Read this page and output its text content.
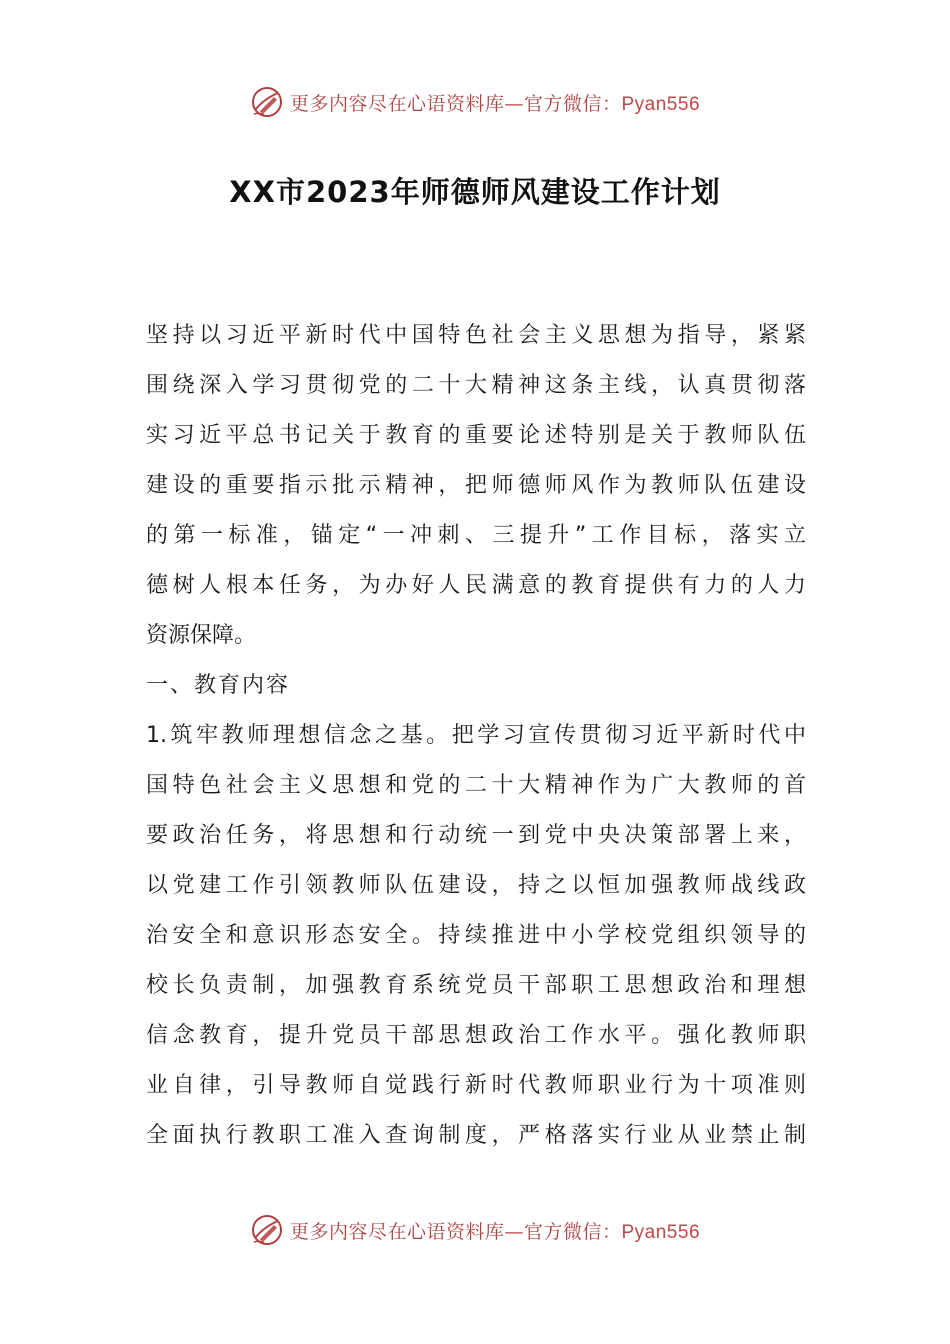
更多内容尽在心语资料库—官方微信：Pyan556
XX市2023年师德师风建设工作计划
坚持以习近平新时代中国特色社会主义思想为指导，紧紧
围绕深入学习贯彻党的二十大精神这条主线，认真贯彻落
实习近平总书记关于教育的重要论述特别是关于教师队伍
建设的重要指示批示精神，把师德师风作为教师队伍建设
的第一标准，锚定“一冲刺、三提升”工作目标，落实立
德树人根本任务，为办好人民满意的教育提供有力的人力
资源保障。
一、教育内容
1.筑牢教师理想信念之基。把学习宣传贯彻习近平新时代中
国特色社会主义思想和党的二十大精神作为广大教师的首
要政治任务，将思想和行动统一到党中央决策部署上来，
以党建工作引领教师队伍建设，持之以恒加强教师战线政
治安全和意识形态安全。持续推进中小学校党组织领导的
校长负责制，加强教育系统党员干部职工思想政治和理想
信念教育，提升党员干部思想政治工作水平。强化教师职
业自律，引导教师自觉践行新时代教师职业行为十项准则
全面执行教职工准入查询制度，严格落实行业从业禁止制
更多内容尽在心语资料库—官方微信：Pyan556
